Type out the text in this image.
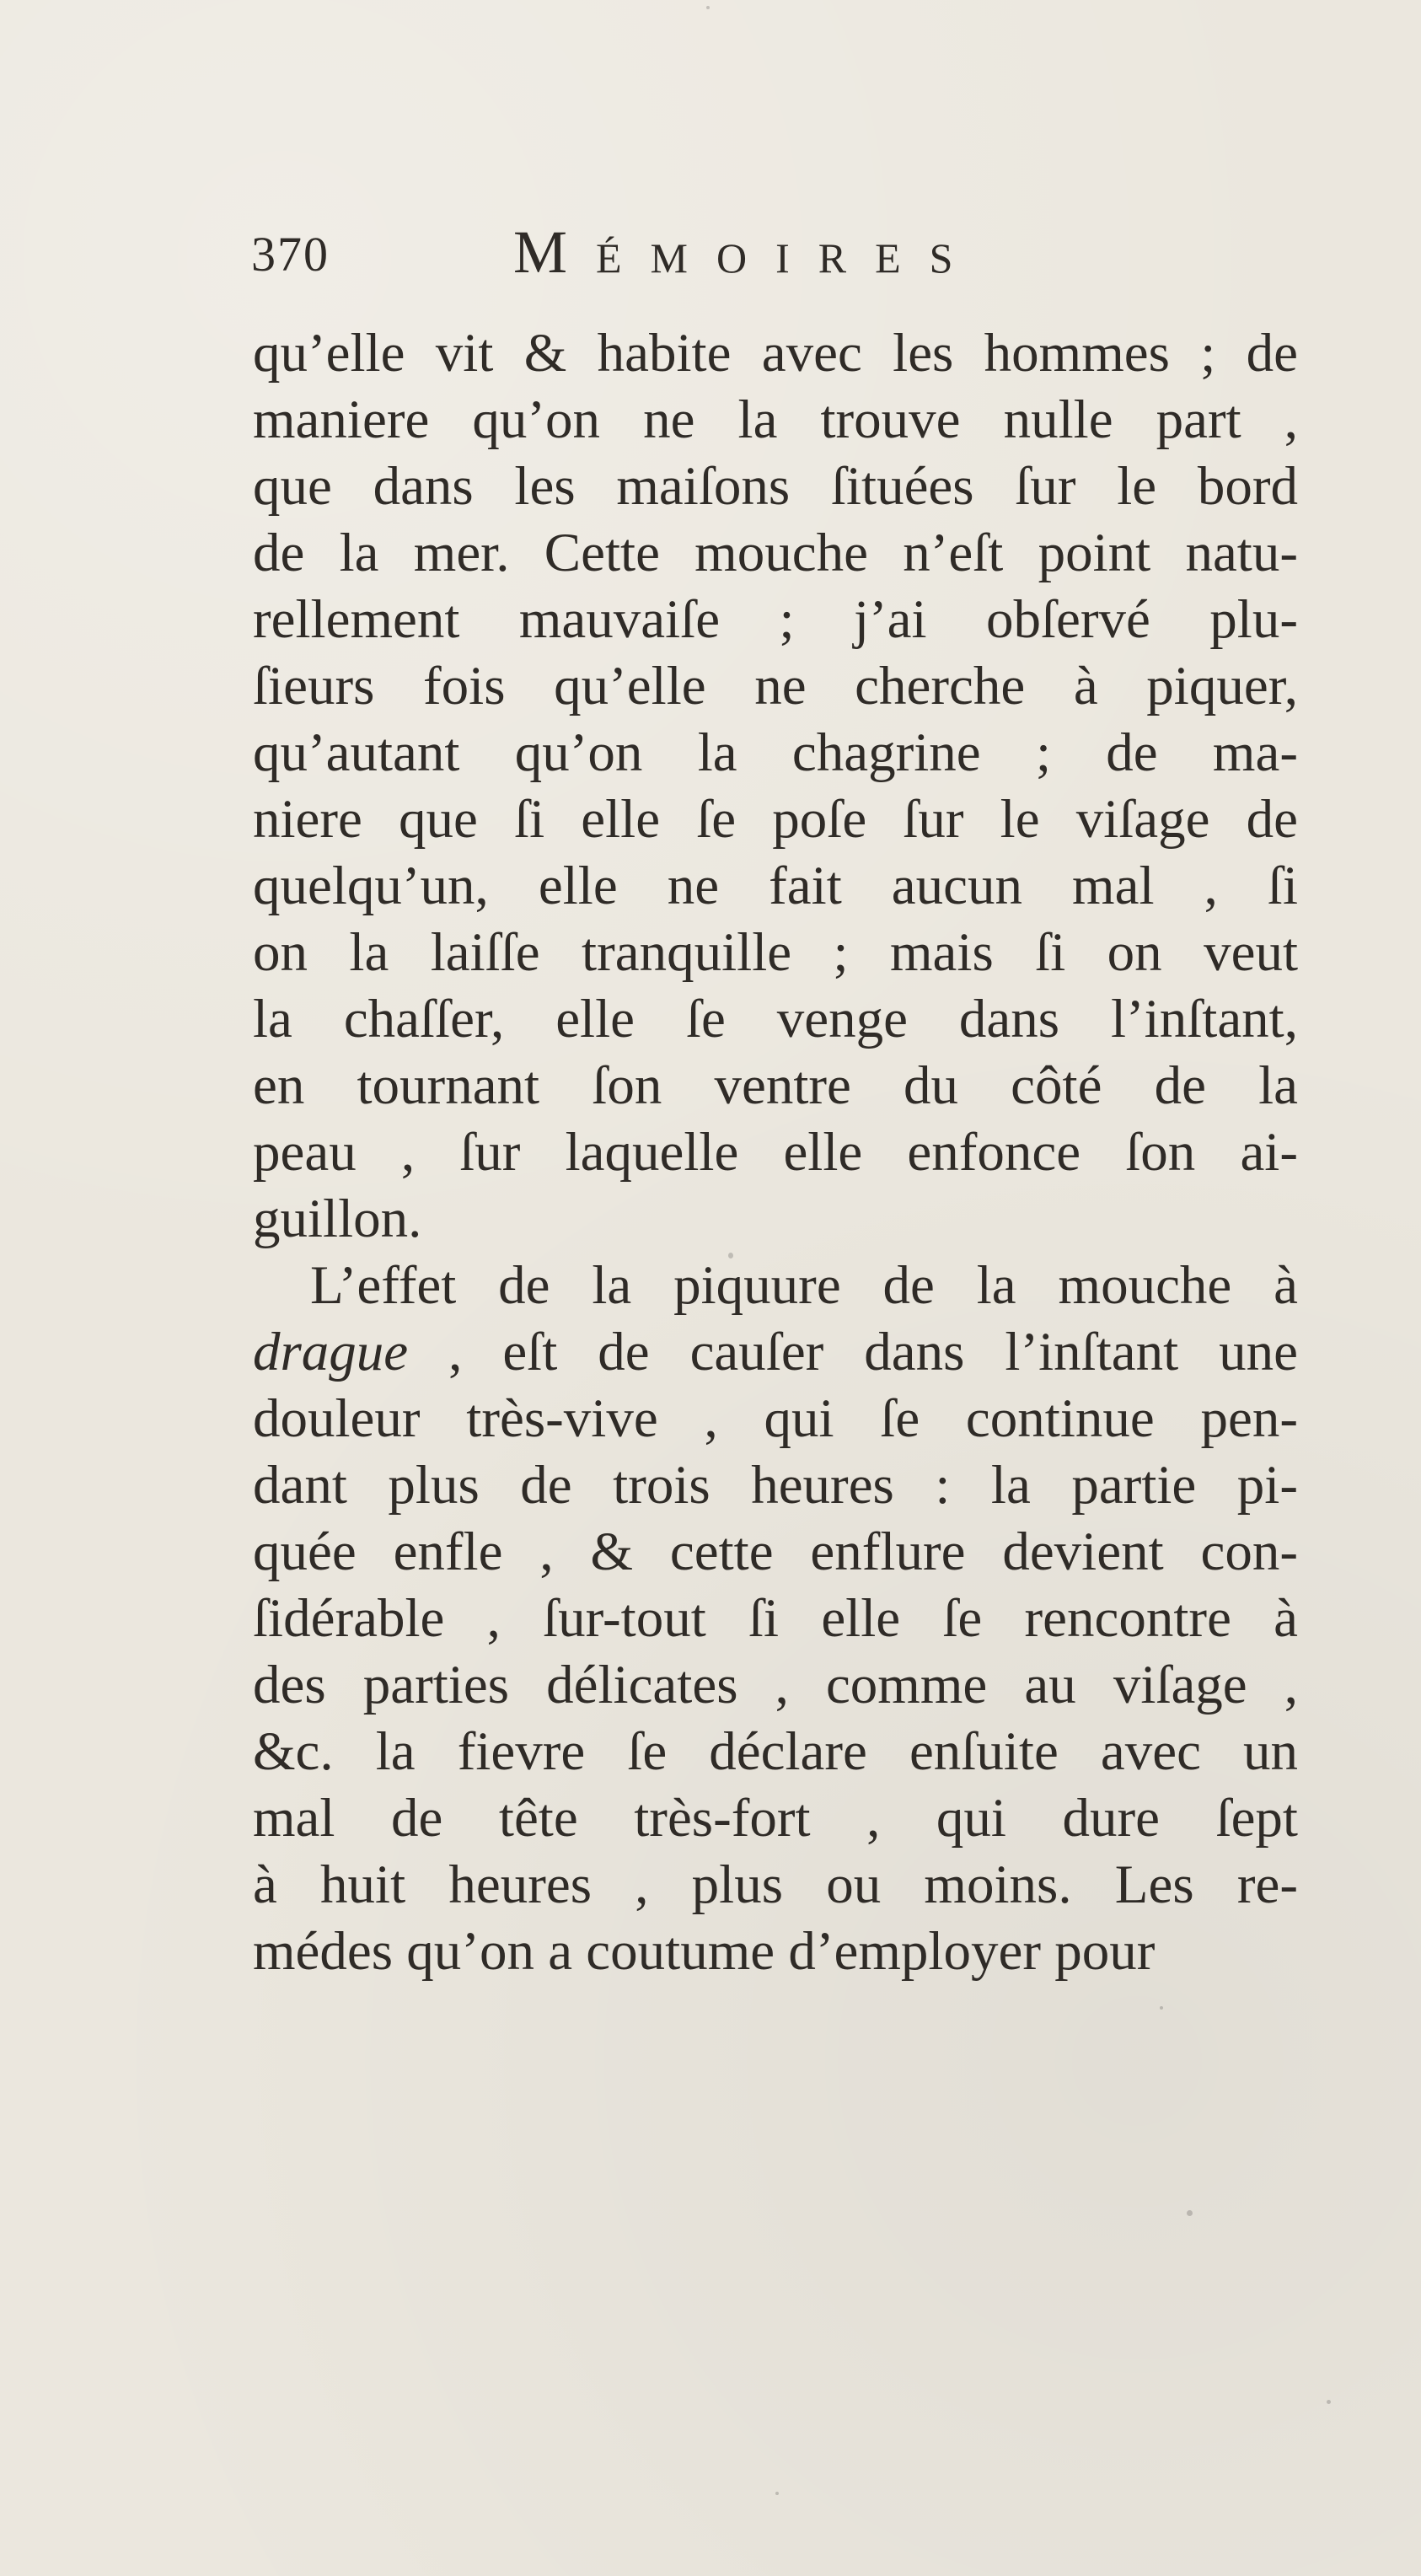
370	Mémoires

qu’elle vit & habite avec les hommes ; de
maniere qu’on ne la trouve nulle part ,
que dans les maiſons ſituées ſur le bord
de la mer. Cette mouche n’eſt point natu-
rellement mauvaiſe ; j’ai obſervé plu-
ſieurs fois qu’elle ne cherche à piquer,
qu’autant qu’on la chagrine ; de ma-
niere que ſi elle ſe poſe ſur le viſage de
quelqu’un, elle ne fait aucun mal , ſi
on la laiſſe tranquille ; mais ſi on veut
la chaſſer, elle ſe venge dans l’inſtant,
en tournant ſon ventre du côté de la
peau , ſur laquelle elle enfonce ſon ai-
guillon.

L’effet de la piquure de la mouche à
drague , eſt de cauſer dans l’inſtant une
douleur très-vive , qui ſe continue pen-
dant plus de trois heures : la partie pi-
quée enfle , & cette enflure devient con-
ſidérable , ſur-tout ſi elle ſe rencontre à
des parties délicates , comme au viſage ,
&c. la fievre ſe déclare enſuite avec un
mal de tête très-fort , qui dure ſept
à huit heures , plus ou moins. Les re-
médes qu’on a coutume d’employer pour
